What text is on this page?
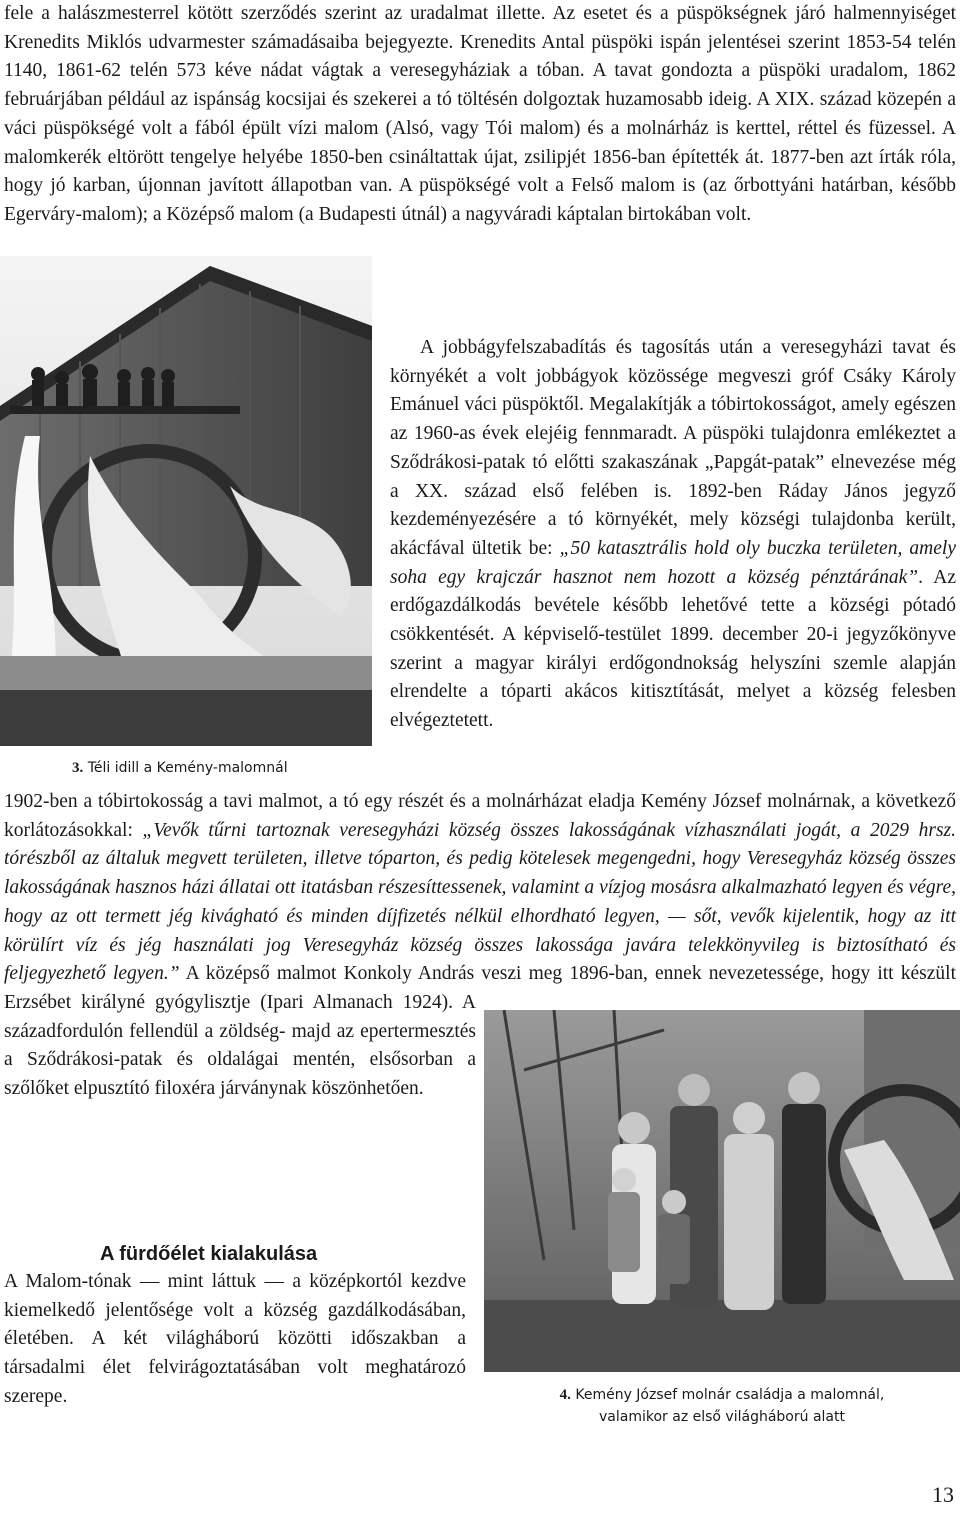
fele a halászmesterrel kötött szerződés szerint az uradalmat illette. Az esetet és a püspökségnek járó halmennyiséget Krenedits Miklós udvarmester számadásaiba bejegyezte. Krenedits Antal püspöki ispán jelentései szerint 1853-54 telén 1140, 1861-62 telén 573 kéve nádat vágtak a veresegyháziak a tóban. A tavat gondozta a püspöki uradalom, 1862 februárjában például az ispánság kocsijai és szekerei a tó töltésén dolgoztak huzamosabb ideig. A XIX. század közepén a váci püspökségé volt a fából épült vízi malom (Alsó, vagy Tói malom) és a molnárház is kerttel, réttel és füzessel. A malomkerék eltörött tengelye helyébe 1850-ben csináltattak újat, zsilipjét 1856-ban építették át. 1877-ben azt írták róla, hogy jó karban, újonnan javított állapotban van. A püspökségé volt a Felső malom is (az őrbottyáni határban, később Egerváry-malom); a Középső malom (a Budapesti útnál) a nagyváradi káptalan birtokában volt.

3. Téli idill a Kemény-malomnál

A jobbágyfelszabadítás és tagosítás után a veresegyházi tavat és környékét a volt jobbágyok közössége megveszi gróf Csáky Károly Emánuel váci püspöktől. Megalakítják a tóbirtokosságot, amely egészen az 1960-as évek elejéig fennmaradt. A püspöki tulajdonra emlékeztet a Sződrákosi-patak tó előtti szakaszának „Papgát-patak” elnevezése még a XX. század első felében is. 1892-ben Ráday János jegyző kezdeményezésére a tó környékét, mely községi tulajdonba került, akácfával ültetik be: „50 katasztrális hold oly buczka területen, amely soha egy krajczár hasznot nem hozott a község pénztárának”. Az erdőgazdálkodás bevétele később lehetővé tette a községi pótadó csökkentését. A képviselő-testület 1899. december 20-i jegyzőkönyve szerint a magyar királyi erdőgondnokság helyszíni szemle alapján elrendelte a tóparti akácos kitisztítását, melyet a község felesben elvégeztetett.

1902-ben a tóbirtokosság a tavi malmot, a tó egy részét és a molnárházat eladja Kemény József molnárnak, a következő korlátozásokkal: „Vevők tűrni tartoznak veresegyházi község összes lakosságának vízhasználati jogát, a 2029 hrsz. tórészből az általuk megvett területen, illetve tóparton, és pedig kötelesek megengedni, hogy Veresegyház község összes lakosságának hasznos házi állatai ott itatásban részesíttessenek, valamint a vízjog mosásra alkalmazható legyen és végre, hogy az ott termett jég kivágható és minden díjfizetés nélkül elhordható legyen, — sőt, vevők kijelentik, hogy az itt körülírt víz és jég használati jog Veresegyház község összes lakossága javára telekkönyvileg is biztosítható és feljegyezhető legyen.” A középső malmot Konkoly András veszi meg 1896-ban, ennek nevezetessége, hogy itt készült Erzsébet királyné gyógylisztje (Ipari Almanach 1924). A századfordulón fellendül a zöldség- majd az epertermesztés a Sződrákosi-patak és oldalágai mentén, elsősorban a szőlőket elpusztító filoxéra járványnak köszönhetően.

4. Kemény József molnár családja a malomnál,
valamikor az első világháború alatt

A fürdőélet kialakulása

A Malom-tónak — mint láttuk — a középkortól kezdve kiemelkedő jelentősége volt a község gazdálkodásában, életében. A két világháború közötti időszakban a társadalmi élet felvirágoztatásában volt meghatározó szerepe.

13
